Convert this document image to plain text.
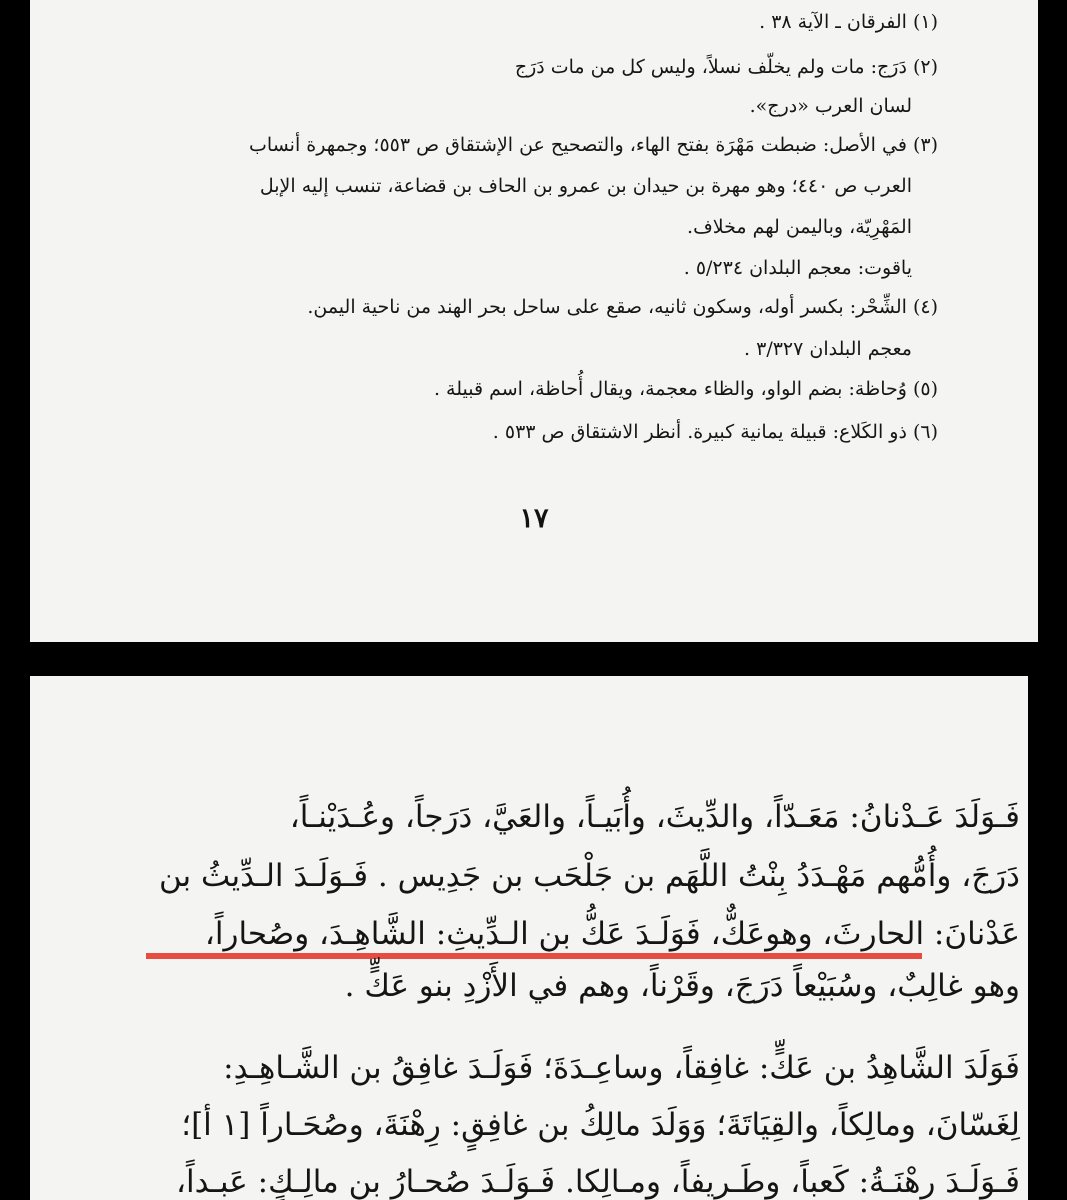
(١) الفرقان ـ الآية ٣٨ .
(٢) دَرَج: مات ولم يخلّف نسلاً، وليس كل من مات دَرَج
لسان العرب «درج».
(٣) في الأصل: ضبطت مَهْرَة بفتح الهاء، والتصحيح عن الإشتقاق ص ٥٥٣؛ وجمهرة أنساب
العرب ص ٤٤٠؛ وهو مهرة بن حيدان بن عمرو بن الحاف بن قضاعة، تنسب إليه الإبل
المَهْرِيّة، وباليمن لهم مخلاف.
ياقوت: معجم البلدان ٥/٢٣٤ .
(٤) الشِّحْر: بكسر أوله، وسكون ثانيه، صقع على ساحل بحر الهند من ناحية اليمن.
معجم البلدان ٣/٣٢٧ .
(٥) وُحاظة: بضم الواو، والظاء معجمة، ويقال أُحاظة، اسم قبيلة .
(٦) ذو الكَلاع: قبيلة يمانية كبيرة. أنظر الاشتقاق ص ٥٣٣ .
١٧
فَـوَلَدَ عَـدْنانُ: مَعَـدّاً، والدِّيثَ، وأُبَيـاً، والعَيَّ، دَرَجاً، وعُـدَيْنـاً،
دَرَجَ، وأُمُّهم مَهْـدَدُ بِنْتُ اللَّهَم بن جَلْحَب بن جَدِيس . فَـوَلَـدَ الـدِّيثُ بن
عَدْنانَ: الحارثَ، وهوعَكٌّ، فَوَلَـدَ عَكُّ بن الـدِّيثِ: الشَّاهِـدَ، وصُحاراً،
وهو غالِبٌ، وسُبَيْعاً دَرَجَ، وقَرْناً، وهم في الأَزْدِ بنو عَكٍّ .
فَوَلَدَ الشَّاهِدُ بن عَكٍّ: غافِقاً، وساعِـدَةَ؛ فَوَلَـدَ غافِقُ بن الشَّـاهِـدِ:
لِغَسّانَ، ومالِكاً، والقِيَاتَةَ؛ وَوَلَدَ مالِكُ بن غافِقٍ: رِهْنَةَ، وصُحَـاراً [١ أ]؛
فَـوَلَـدَ رِهْنَـةُ: كَعباً، وطَـرِيفاً، ومـالِكا. فَـوَلَـدَ صُحـارُ بن مالِـكٍ: عَبـداً،
